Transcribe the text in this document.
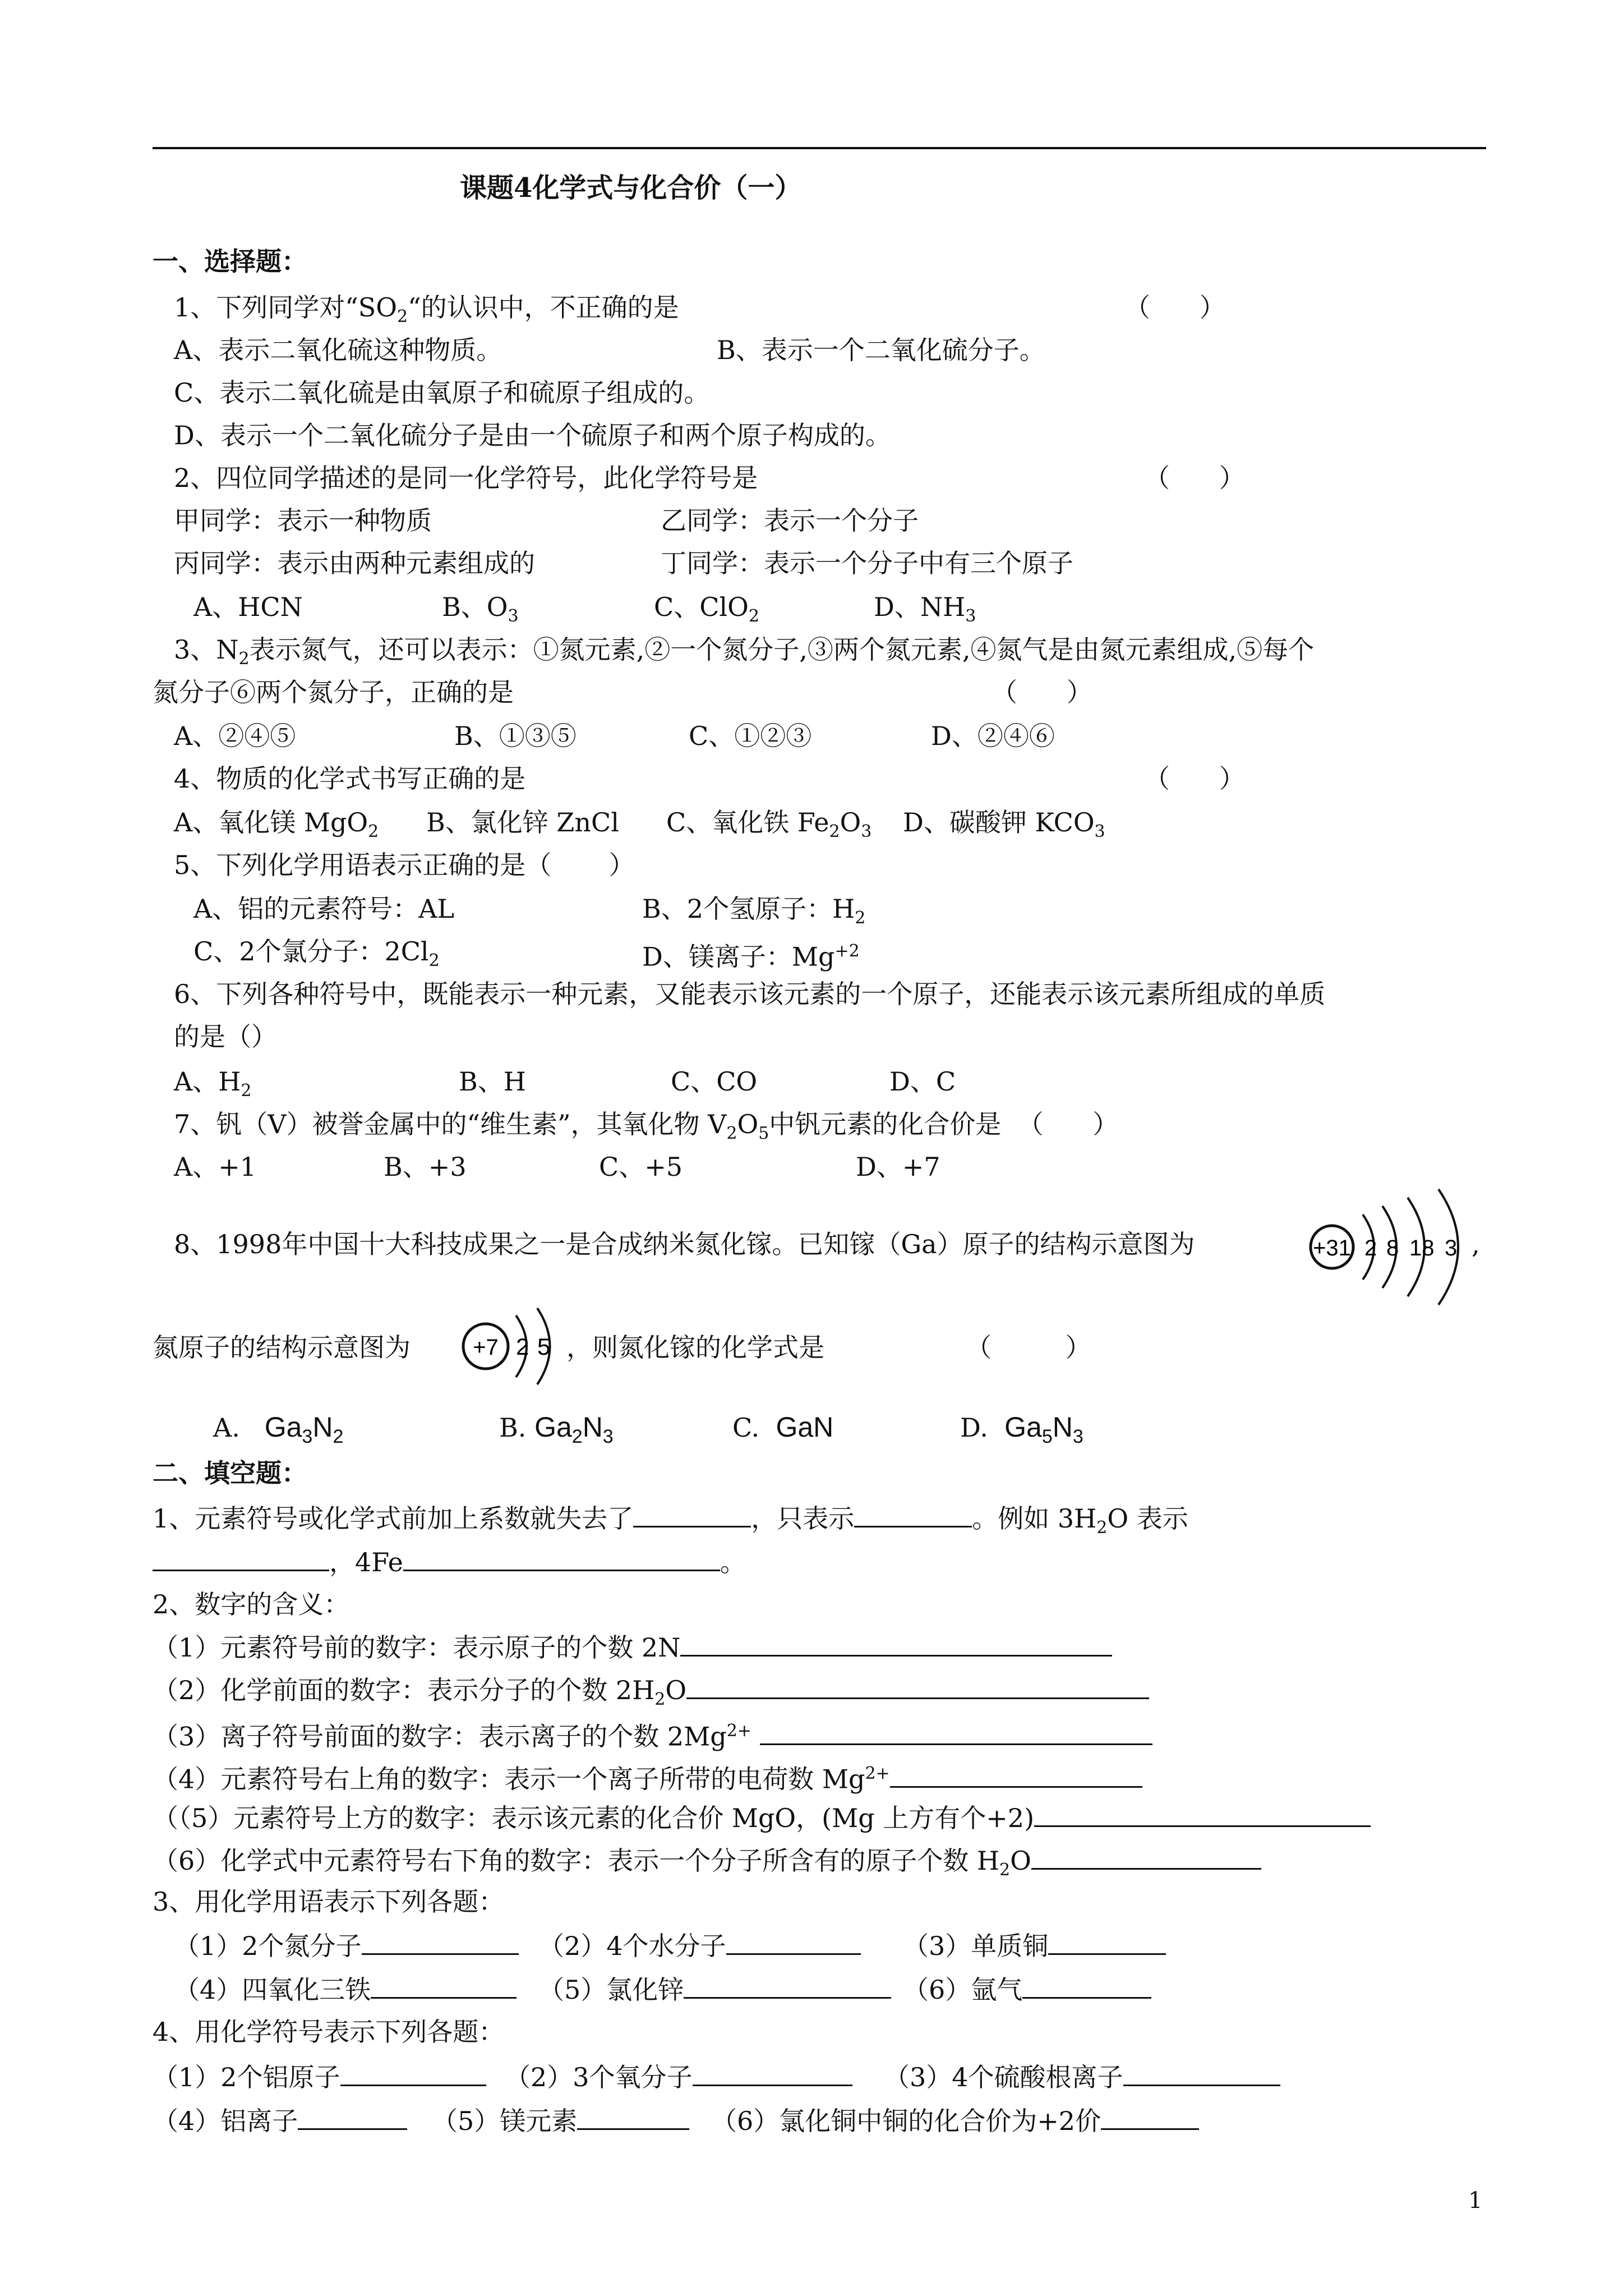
课题4化学式与化合价（一）
一、选择题：
1、下列同学对“$SO_2“$的认识中，不正确的是	（      ）
A、表示二氧化硫这种物质。	B、表示一个二氧化硫分子。
C、表示二氧化硫是由氧原子和硫原子组成的。
D、表示一个二氧化硫分子是由一个硫原子和两个原子构成的。
2、四位同学描述的是同一化学符号，此化学符号是	（      ）
甲同学：表示一种物质	乙同学：表示一个分子
丙同学：表示由两种元素组成的	丁同学：表示一个分子中有三个原子
A、HCN	B、$O_3$	C、ClO$_2$	D、$NH_3$
3、$N_2$表示氮气，还可以表示：①氮元素,②一个氮分子,③两个氮元素,④氮气是由氮元素组成,⑤每个
氮分子⑥两个氮分子，正确的是	（      ）
A、②④⑤	B、①③⑤	C、①②③	D、②④⑥
4、物质的化学式书写正确的是	（      ）
A、氧化镁 MgO$_2$ B、氯化锌 ZnCl C、氧化铁 $Fe_2O_3$ D、碳酸钾 $KCO_3$
5、下列化学用语表示正确的是（       ）
A、铝的元素符号：AL	B、2个氢原子：$H_2$
C、2个氯分子：$2Cl_2$	D、镁离子：$Mg^{+2}$
6、下列各种符号中，既能表示一种元素，又能表示该元素的一个原子，还能表示该元素所组成的单质
的是（）
A、$H_2$	B、H	C、CO	D、C
7、钒（V）被誉金属中的“维生素”，其氧化物 $V_2O_5$中钒元素的化合价是  （      ）
A、+1	B、+3	C、+5	D、+7
8、1998年中国十大科技成果之一是合成纳米氮化镓。已知镓（Ga）原子的结构示意图为	+31 2 8 18 3 ,
氮原子的结构示意图为	+7 2 5 ，则氮化镓的化学式是	（         ）
A. $Ga_3N_2$	B. $Ga_2N_3$	C. GaN	D. $Ga_5N_3$
二、填空题：
1、元素符号或化学式前加上系数就失去了	，只表示	。例如 $3H_2O$ 表示
，4Fe	。
2、数字的含义：
（1）元素符号前的数字：表示原子的个数 2N
（2）化学前面的数字：表示分子的个数 $2H_2O$
（3）离子符号前面的数字：表示离子的个数 $2Mg^{2+}$
（4）元素符号右上角的数字：表示一个离子所带的电荷数 $Mg^{2+}$
（（5）元素符号上方的数字：表示该元素的化合价 MgO，(Mg 上方有个+2)
（6）化学式中元素符号右下角的数字：表示一个分子所含有的原子个数 $H_2O$
3、用化学用语表示下列各题：
（1）2个氮分子	（2）4个水分子	（3）单质铜
（4）四氧化三铁	（5）氯化锌	（6）氩气
4、用化学符号表示下列各题：
（1）2个铝原子	（2）3个氧分子	（3）4个硫酸根离子
（4）铝离子	（5）镁元素	（6）氯化铜中铜的化合价为+2价
1
